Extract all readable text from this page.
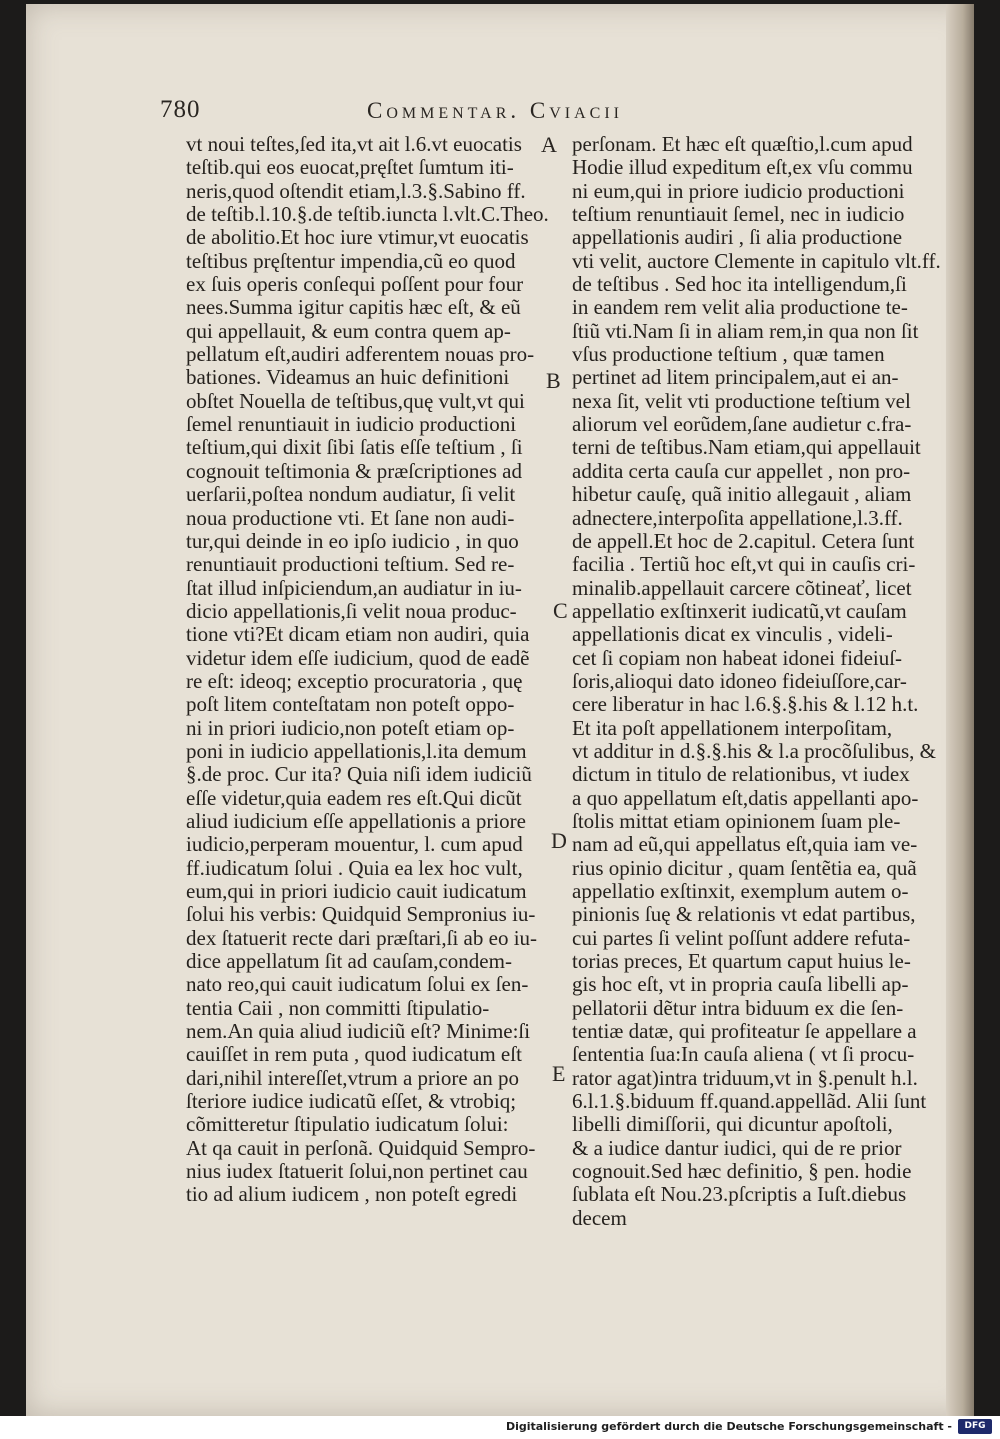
780	Commentar. Cviacii
vt noui teſtes,ſed ita,vt ait l.6.vt euocatis
teſtib.qui eos euocat,pręſtet ſumtum iti-
neris,quod oſtendit etiam,l.3.§.Sabino ff.
de teſtib.l.10.§.de teſtib.iuncta l.vlt.C.Theo.
de abolitio.Et hoc iure vtimur,vt euocatis
teſtibus pręſtentur impendia,cũ eo quod
ex ſuis operis conſequi poſſent pour four
nees.Summa igitur capitis hæc eſt, & eũ
qui appellauit, & eum contra quem ap-
pellatum eſt,audiri adferentem nouas pro-
bationes. Videamus an huic definitioni
obſtet Nouella de teſtibus,quę vult,vt qui
ſemel renuntiauit in iudicio productioni
teſtium,qui dixit ſibi ſatis eſſe teſtium , ſi
cognouit teſtimonia & præſcriptiones ad
uerſarii,poſtea nondum audiatur, ſi velit
noua productione vti. Et ſane non audi-
tur,qui deinde in eo ipſo iudicio , in quo
renuntiauit productioni teſtium. Sed re-
ſtat illud inſpiciendum,an audiatur in iu-
dicio appellationis,ſi velit noua produc-
tione vti?Et dicam etiam non audiri, quia
videtur idem eſſe iudicium, quod de eadẽ
re eſt: ideoq; exceptio procuratoria , quę
poſt litem conteſtatam non poteſt oppo-
ni in priori iudicio,non poteſt etiam op-
poni in iudicio appellationis,l.ita demum
§.de proc. Cur ita? Quia niſi idem iudiciũ
eſſe videtur,quia eadem res eſt.Qui dicũt
aliud iudicium eſſe appellationis a priore
iudicio,perperam mouentur, l. cum apud
ff.iudicatum ſolui . Quia ea lex hoc vult,
eum,qui in priori iudicio cauit iudicatum
ſolui his verbis: Quidquid Sempronius iu-
dex ſtatuerit recte dari præſtari,ſi ab eo iu-
dice appellatum ſit ad cauſam,condem-
nato reo,qui cauit iudicatum ſolui ex ſen-
tentia Caii , non committi ſtipulatio-
nem.An quia aliud iudiciũ eſt? Minime:ſi
cauiſſet in rem puta , quod iudicatum eſt
dari,nihil intereſſet,vtrum a priore an po
ſteriore iudice iudicatũ eſſet, & vtrobiq;
cõmitteretur ſtipulatio iudicatum ſolui:
At qa cauit in perſonã. Quidquid Sempro-
nius iudex ſtatuerit ſolui,non pertinet cau
tio ad alium iudicem , non poteſt egredi
perſonam. Et hæc eſt quæſtio,l.cum apud
Hodie illud expeditum eſt,ex vſu commu
ni eum,qui in priore iudicio productioni
teſtium renuntiauit ſemel, nec in iudicio
appellationis audiri , ſi alia productione
vti velit, auctore Clemente in capitulo vlt.ff.
de teſtibus . Sed hoc ita intelligendum,ſi
in eandem rem velit alia productione te-
ſtiũ vti.Nam ſi in aliam rem,in qua non ſit
vſus productione teſtium , quæ tamen
pertinet ad litem principalem,aut ei an-
nexa ſit, velit vti productione teſtium vel
aliorum vel eorũdem,ſane audietur c.fra-
terni de teſtibus.Nam etiam,qui appellauit
addita certa cauſa cur appellet , non pro-
hibetur cauſę, quã initio allegauit , aliam
adnectere,interpoſita appellatione,l.3.ff.
de appell.Et hoc de 2.capitul. Cetera ſunt
facilia . Tertiũ hoc eſt,vt qui in cauſis cri-
minalib.appellauit carcere cõtineať, licet
appellatio exſtinxerit iudicatũ,vt cauſam
appellationis dicat ex vinculis , videli-
cet ſi copiam non habeat idonei fideiuſ-
ſoris,alioqui dato idoneo fideiuſſore,car-
cere liberatur in hac l.6.§.§.his & l.12 h.t.
Et ita poſt appellationem interpoſitam,
vt additur in d.§.§.his & l.a procõſulibus, &
dictum in titulo de relationibus, vt iudex
a quo appellatum eſt,datis appellanti apo-
ſtolis mittat etiam opinionem ſuam ple-
nam ad eũ,qui appellatus eſt,quia iam ve-
rius opinio dicitur , quam ſentẽtia ea, quã
appellatio exſtinxit, exemplum autem o-
pinionis ſuę & relationis vt edat partibus,
cui partes ſi velint poſſunt addere refuta-
torias preces, Et quartum caput huius le-
gis hoc eſt, vt in propria cauſa libelli ap-
pellatorii dẽtur intra biduum ex die ſen-
tentiæ datæ, qui profiteatur ſe appellare a
ſententia ſua:In cauſa aliena ( vt ſi procu-
rator agat)intra triduum,vt in §.penult h.l.
6.l.1.§.biduum ff.quand.appellãd. Alii ſunt
libelli dimiſſorii, qui dicuntur apoſtoli,
& a iudice dantur iudici, qui de re prior
cognouit.Sed hæc definitio, § pen. hodie
ſublata eſt Nou.23.pſcriptis a Iuſt.diebus
decem
A
B
C
D
E
Digitalisierung gefördert durch die Deutsche Forschungsgemeinschaft -	DFG
